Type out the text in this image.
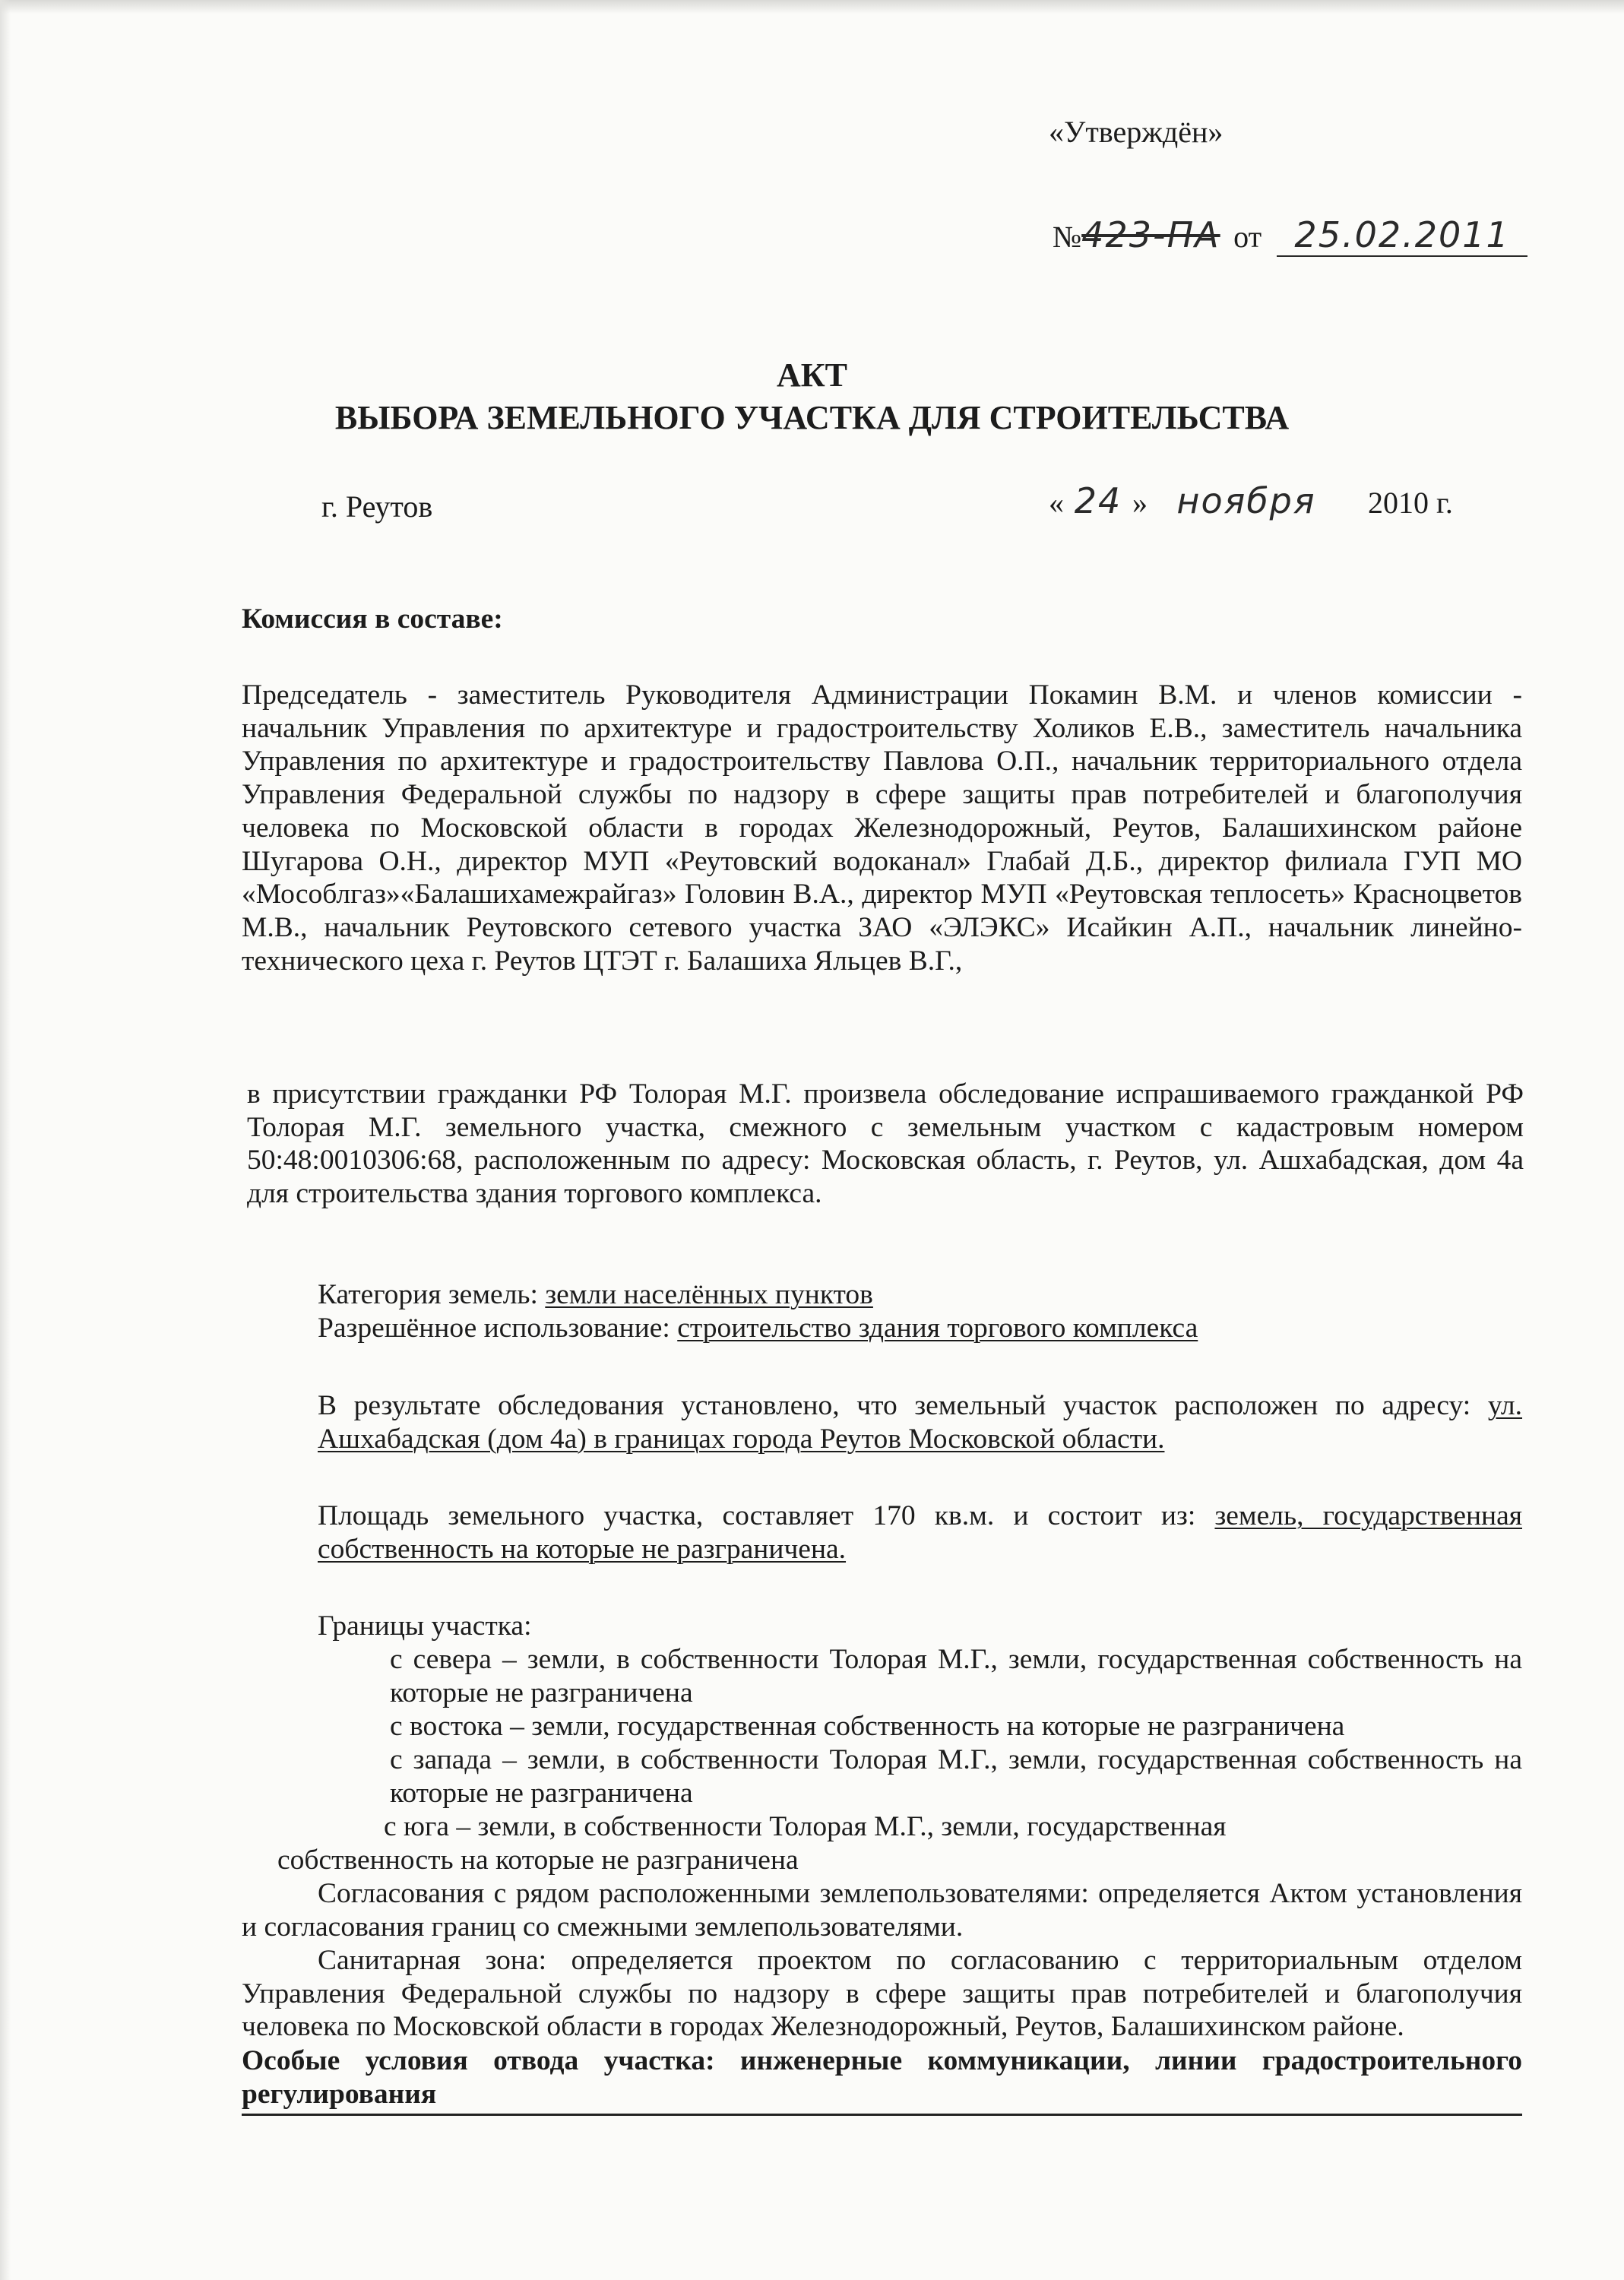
«Утверждён»
№423-ПА от 25.02.2011
АКТ
ВЫБОРА ЗЕМЕЛЬНОГО УЧАСТКА ДЛЯ СТРОИТЕЛЬСТВА
г. Реутов	« 24 » ноября 2010 г.

Комиссия в составе:

Председатель - заместитель Руководителя Администрации Покамин В.М. и членов комиссии - начальник Управления по архитектуре и градостроительству Холиков Е.В., заместитель начальника Управления по архитектуре и градостроительству Павлова О.П., начальник территориального отдела Управления Федеральной службы по надзору в сфере защиты прав потребителей и благополучия человека по Московской области в городах Железнодорожный, Реутов, Балашихинском районе Шугарова О.Н., директор МУП «Реутовский водоканал» Глабай Д.Б., директор филиала ГУП МО «Мособлгаз»«Балашихамежрайгаз» Головин В.А., директор МУП «Реутовская теплосеть» Красноцветов М.В., начальник Реутовского сетевого участка ЗАО «ЭЛЭКС» Исайкин А.П., начальник линейно-технического цеха г. Реутов ЦТЭТ г. Балашиха Яльцев В.Г.,

в присутствии гражданки РФ Толорая М.Г. произвела обследование испрашиваемого гражданкой РФ Толорая М.Г. земельного участка, смежного с земельным участком с кадастровым номером 50:48:0010306:68, расположенным по адресу: Московская область, г. Реутов, ул. Ашхабадская, дом 4а для строительства здания торгового комплекса.

Категория земель: земли населённых пунктов
Разрешённое использование: строительство здания торгового комплекса

В результате обследования установлено, что земельный участок расположен по адресу: ул. Ашхабадская (дом 4а) в границах города Реутов Московской области.

Площадь земельного участка, составляет 170 кв.м. и состоит из: земель, государственная собственность на которые не разграничена.

Границы участка:

с севера – земли, в собственности Толорая М.Г., земли, государственная собственность на которые не разграничена

с востока – земли, государственная собственность на которые не разграничена

с запада – земли, в собственности Толорая М.Г., земли, государственная собственность на которые не разграничена

с юга – земли, в собственности Толорая М.Г., земли, государственная

собственность на которые не разграничена

Согласования с рядом расположенными землепользователями: определяется Актом установления и согласования границ со смежными землепользователями.

Санитарная зона: определяется проектом по согласованию с территориальным отделом Управления Федеральной службы по надзору в сфере защиты прав потребителей и благополучия человека по Московской области в городах Железнодорожный, Реутов, Балашихинском районе.

Особые условия отвода участка: инженерные коммуникации, линии градостроительного регулирования
